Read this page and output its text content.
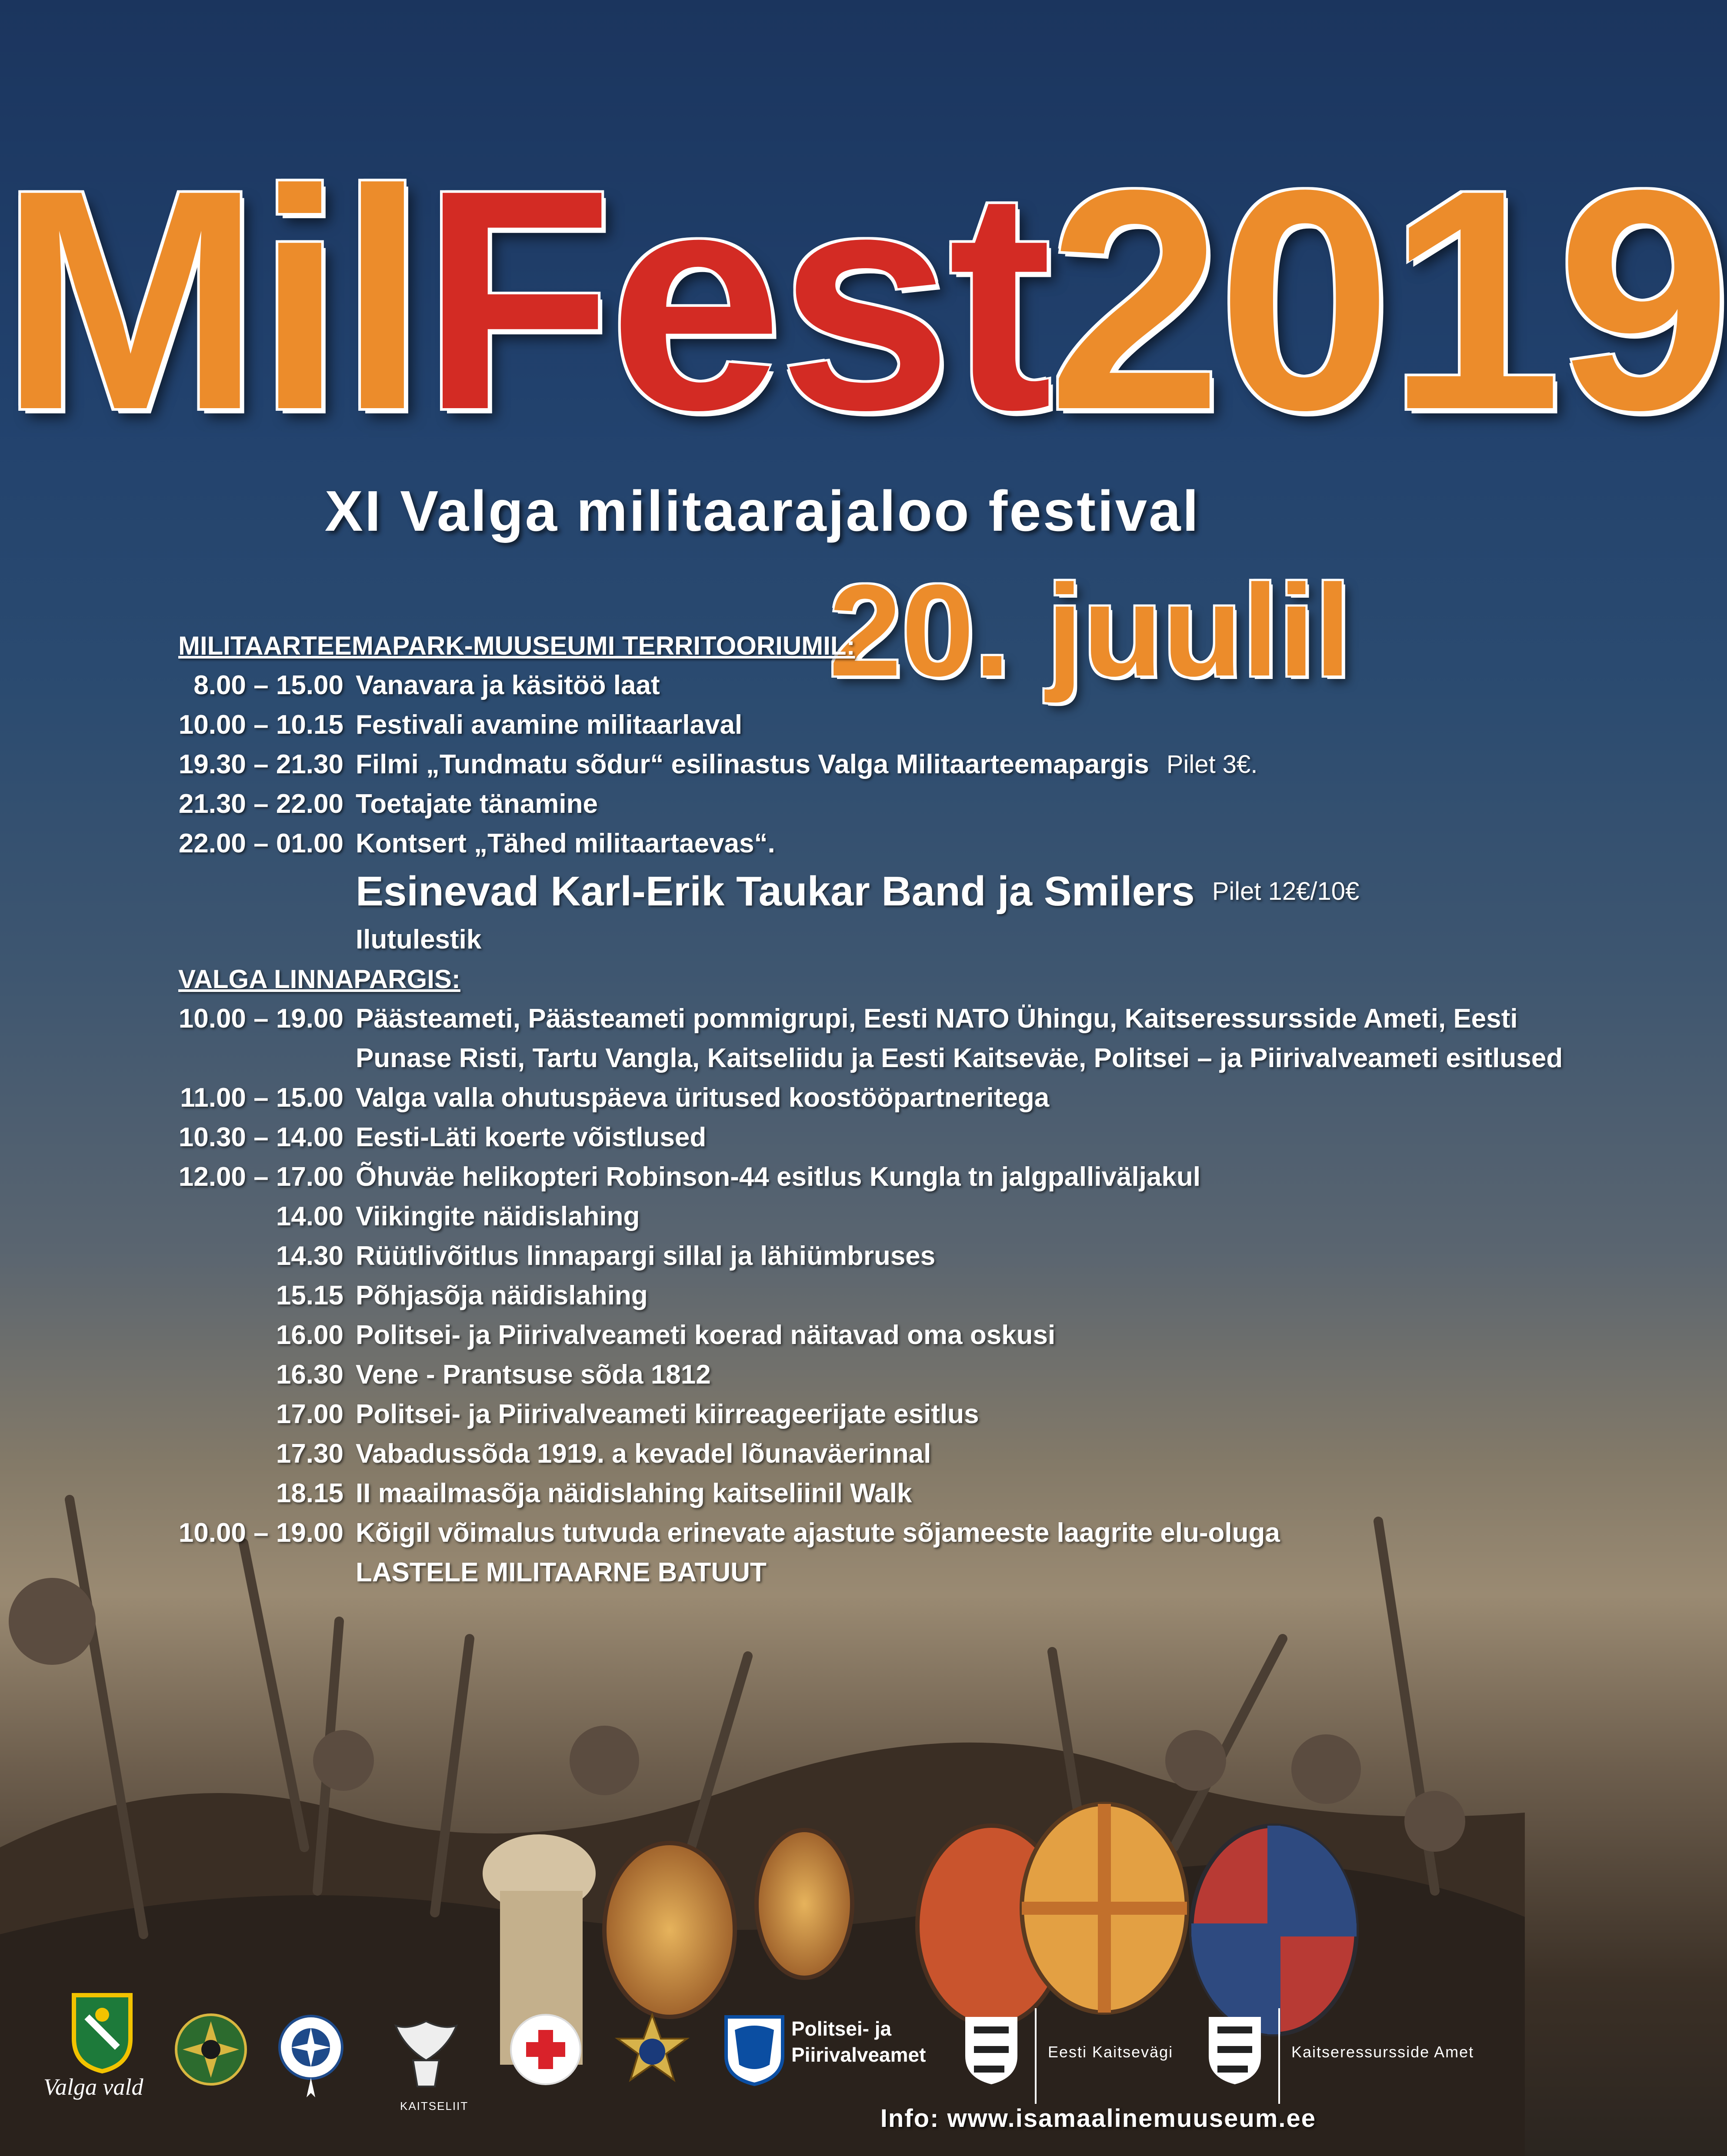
MilFest2019
XI Valga militaarajaloo festival
20. juulil
MILITAARTEEMAPARK-MUUSEUMI TERRITOORIUMIL:
8.00 – 15.00 Vanavara ja käsitöö laat
10.00 – 10.15 Festivali avamine militaarlaval
19.30 – 21.30 Filmi „Tundmatu sõdur“ esilinastus Valga Militaarteemapargis Pilet 3€.
21.30 – 22.00 Toetajate tänamine
22.00 – 01.00 Kontsert „Tähed militaartaevas“.
Esinevad Karl-Erik Taukar Band ja Smilers Pilet 12€/10€
Ilutulestik
VALGA LINNAPARGIS:
10.00 – 19.00 Päästeameti, Päästeameti pommigrupi, Eesti NATO Ühingu, Kaitseressursside Ameti, Eesti
Punase Risti, Tartu Vangla, Kaitseliidu ja Eesti Kaitseväe, Politsei – ja Piirivalveameti esitlused
11.00 – 15.00 Valga valla ohutuspäeva üritused koostööpartneritega
10.30 – 14.00 Eesti-Läti koerte võistlused
12.00 – 17.00 Õhuväe helikopteri Robinson-44 esitlus Kungla tn jalgpalliväljakul
14.00 Viikingite näidislahing
14.30 Rüütlivõitlus linnapargi sillal ja lähiümbruses
15.15 Põhjasõja näidislahing
16.00 Politsei- ja Piirivalveameti koerad näitavad oma oskusi
16.30 Vene - Prantsuse sõda 1812
17.00 Politsei- ja Piirivalveameti kiirreageerijate esitlus
17.30 Vabadussõda 1919. a kevadel lõunaväerinnal
18.15 II maailmasõja näidislahing kaitseliinil Walk
10.00 – 19.00 Kõigil võimalus tutvuda erinevate ajastute sõjameeste laagrite elu-oluga
LASTELE MILITAARNE BATUUT
Valga vald
KAITSELIIT
Politsei- ja
Piirivalveamet	Eesti Kaitsevägi	Kaitseressursside Amet
Info: www.isamaalinemuuseum.ee
